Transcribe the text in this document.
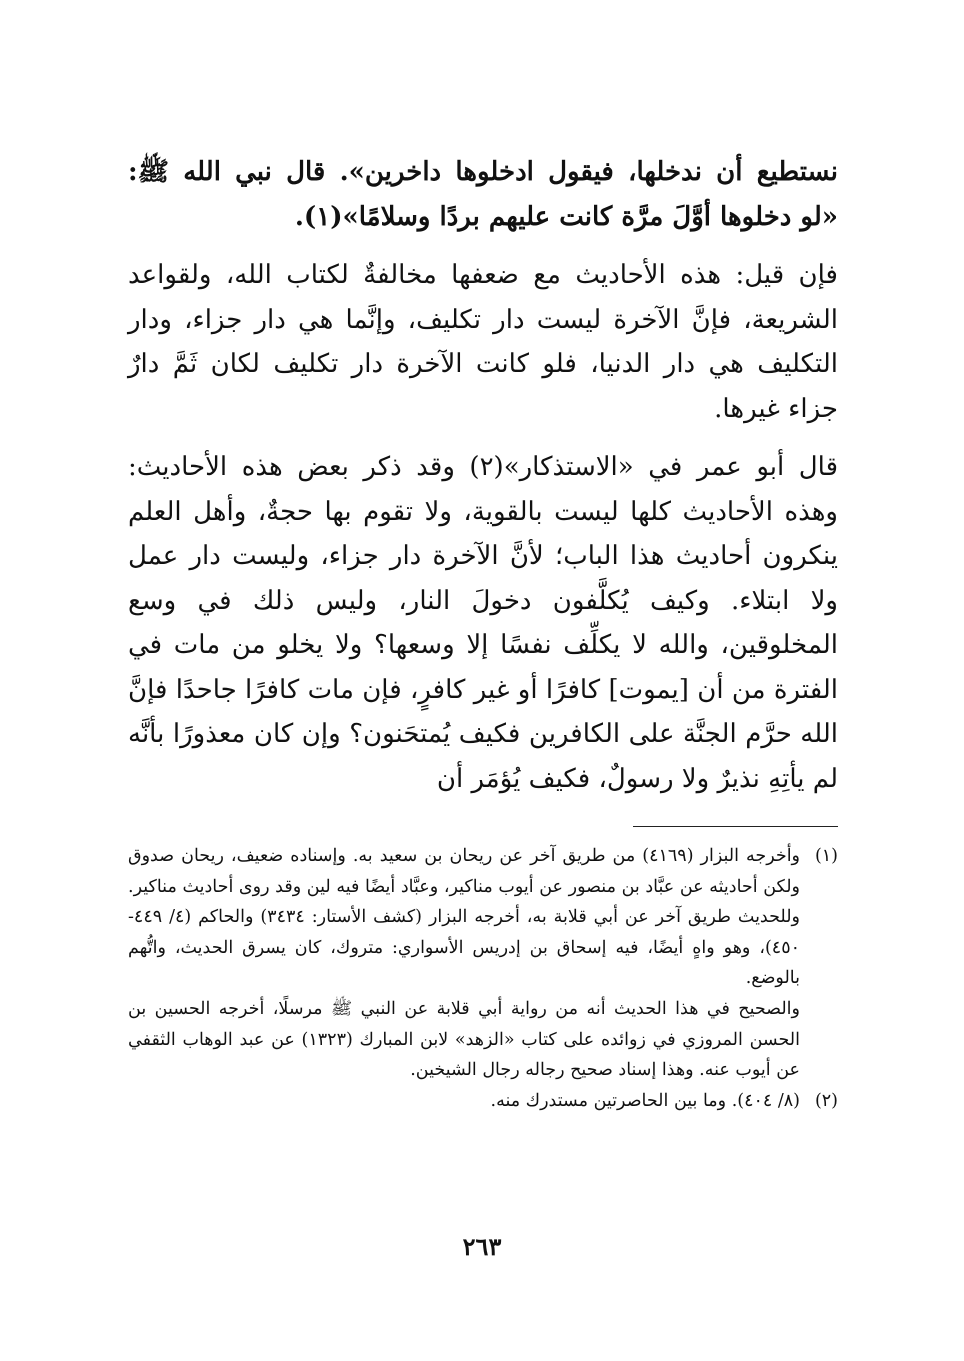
نستطيع أن ندخلها، فيقول ادخلوها داخرين». قال نبي الله ﷺ: «لو دخلوها أوَّلَ مرَّة كانت عليهم بردًا وسلامًا»(١).

فإن قيل: هذه الأحاديث مع ضعفها مخالفةٌ لكتاب الله، ولقواعد الشريعة، فإنَّ الآخرة ليست دار تكليف، وإنَّما هي دار جزاء، ودار التكليف هي دار الدنيا، فلو كانت الآخرة دار تكليف لكان ثَمَّ دارٌ جزاء غيرها.

قال أبو عمر في «الاستذكار»(٢) وقد ذكر بعض هذه الأحاديث: وهذه الأحاديث كلها ليست بالقوية، ولا تقوم بها حجةٌ، وأهل العلم ينكرون أحاديث هذا الباب؛ لأنَّ الآخرة دار جزاء، وليست دار عمل ولا ابتلاء. وكيف يُكلَّفون دخولَ النار، وليس ذلك في وسع المخلوقين، والله لا يكلِّف نفسًا إلا وسعها؟ ولا يخلو من مات في الفترة من أن [يموت] كافرًا أو غير كافرٍ، فإن مات كافرًا جاحدًا فإنَّ الله حرَّم الجنَّة على الكافرين فكيف يُمتحَنون؟ وإن كان معذورًا بأنَّه لم يأتِهِ نذيرٌ ولا رسولٌ، فكيف يُؤمَر أن

(١)
وأخرجه البزار (٤١٦٩) من طريق آخر عن ريحان بن سعيد به. وإسناده ضعيف، ريحان صدوق ولكن أحاديثه عن عبَّاد بن منصور عن أيوب مناكير، وعبَّاد أيضًا فيه لين وقد روى أحاديث مناكير. وللحديث طريق آخر عن أبي قلابة به، أخرجه البزار (كشف الأستار: ٣٤٣٤) والحاكم (٤/ ٤٤٩- ٤٥٠)، وهو واهٍ أيضًا، فيه إسحاق بن إدريس الأسواري: متروك، كان يسرق الحديث، واتُّهم بالوضع.

والصحيح في هذا الحديث أنه من رواية أبي قلابة عن النبي ﷺ مرسلًا، أخرجه الحسين بن الحسن المروزي في زوائده على كتاب «الزهد» لابن المبارك (١٣٢٣) عن عبد الوهاب الثقفي عن أيوب عنه. وهذا إسناد صحيح رجاله رجال الشيخين.

(٢)
(٨/ ٤٠٤). وما بين الحاصرتين مستدرك منه.
٢٦٣
